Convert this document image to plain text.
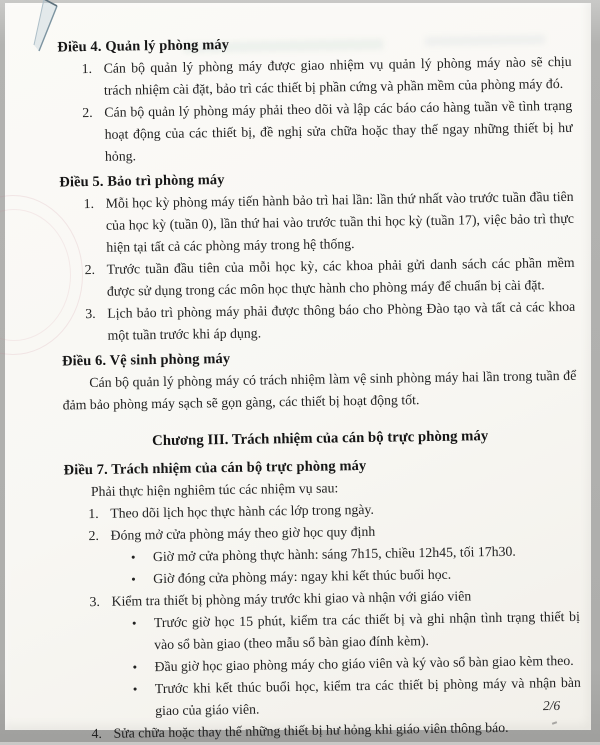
Điều 4. Quản lý phòng máy
1. Cán bộ quản lý phòng máy được giao nhiệm vụ quản lý phòng máy nào sẽ chịu trách nhiệm cài đặt, bảo trì các thiết bị phần cứng và phần mềm của phòng máy đó.
2. Cán bộ quản lý phòng máy phải theo dõi và lập các báo cáo hàng tuần về tình trạng hoạt động của các thiết bị, đề nghị sửa chữa hoặc thay thế ngay những thiết bị hư hỏng.
Điều 5. Bảo trì phòng máy
1. Mỗi học kỳ phòng máy tiến hành bảo trì hai lần: lần thứ nhất vào trước tuần đầu tiên của học kỳ (tuần 0), lần thứ hai vào trước tuần thi học kỳ (tuần 17), việc bảo trì thực hiện tại tất cả các phòng máy trong hệ thống.
2. Trước tuần đầu tiên của mỗi học kỳ, các khoa phải gửi danh sách các phần mềm được sử dụng trong các môn học thực hành cho phòng máy để chuẩn bị cài đặt.
3. Lịch bảo trì phòng máy phải được thông báo cho Phòng Đào tạo và tất cả các khoa một tuần trước khi áp dụng.
Điều 6. Vệ sinh phòng máy

Cán bộ quản lý phòng máy có trách nhiệm làm vệ sinh phòng máy hai lần trong tuần để đảm bảo phòng máy sạch sẽ gọn gàng, các thiết bị hoạt động tốt.

Chương III. Trách nhiệm của cán bộ trực phòng máy
Điều 7. Trách nhiệm của cán bộ trực phòng máy

Phải thực hiện nghiêm túc các nhiệm vụ sau:

1. Theo dõi lịch học thực hành các lớp trong ngày.
2. Đóng mở cửa phòng máy theo giờ học quy định
•	Giờ mở cửa phòng thực hành: sáng 7h15, chiều 12h45, tối 17h30.
•	Giờ đóng cửa phòng máy: ngay khi kết thúc buổi học.
3. Kiểm tra thiết bị phòng máy trước khi giao và nhận với giáo viên
•	Trước giờ học 15 phút, kiểm tra các thiết bị và ghi nhận tình trạng thiết bị vào sổ bàn giao (theo mẫu sổ bàn giao đính kèm).
•	Đầu giờ học giao phòng máy cho giáo viên và ký vào sổ bàn giao kèm theo.
•	Trước khi kết thúc buổi học, kiểm tra các thiết bị phòng máy và nhận bàn giao của giáo viên.
4. Sửa chữa hoặc thay thế những thiết bị hư hỏng khi giáo viên thông báo.
2/6
